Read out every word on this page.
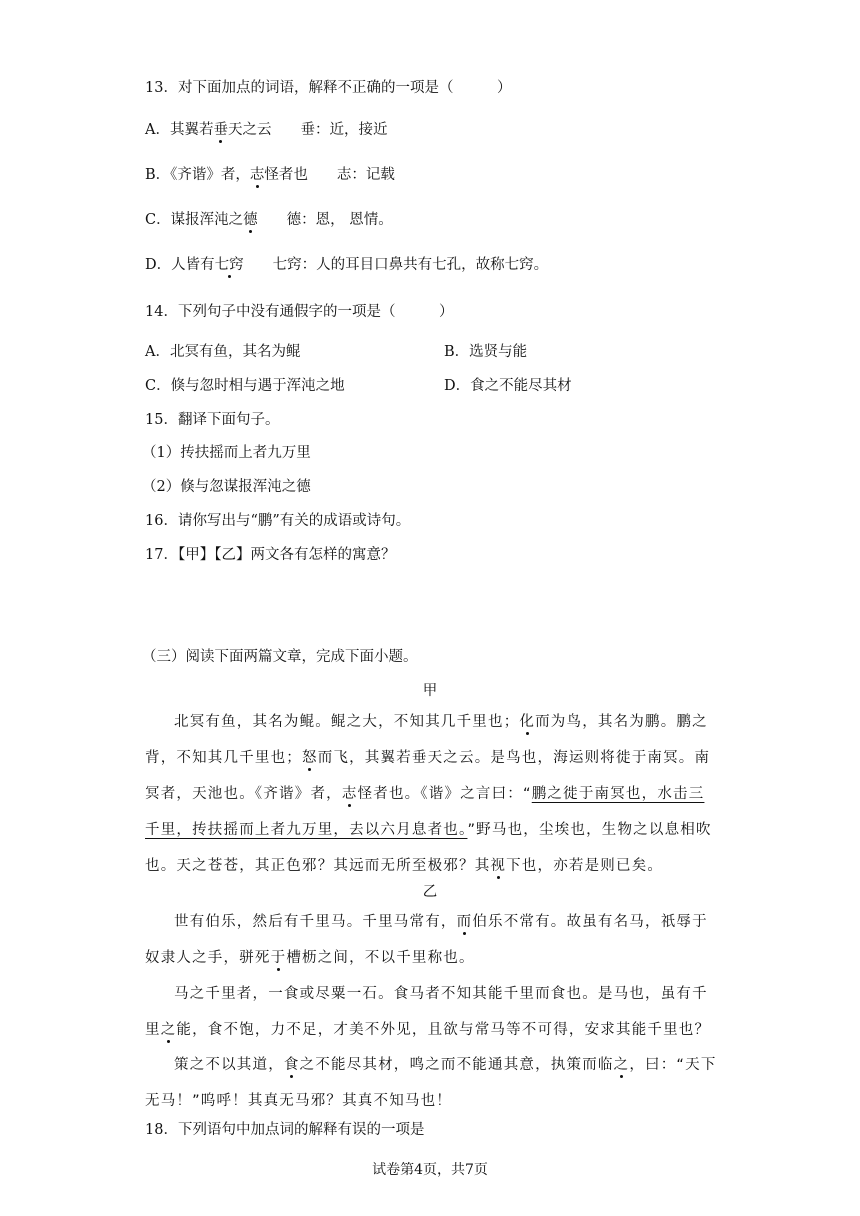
13．对下面加点的词语，解释不正确的一项是（　　　）
A．其翼若垂天之云　　垂：近，接近
B．《齐谐》者，志怪者也　　志：记载
C．谋报浑沌之德　　德：恩， 恩情。
D．人皆有七窍　　七窍：人的耳目口鼻共有七孔，故称七窍。
14．下列句子中没有通假字的一项是（　　　）
A．北冥有鱼，其名为鲲	B．选贤与能
C．倏与忽时相与遇于浑沌之地	D．食之不能尽其材
15．翻译下面句子。
（1）抟扶摇而上者九万里
（2）倏与忽谋报浑沌之德
16．请你写出与“鹏”有关的成语或诗句。
17．【甲】【乙】两文各有怎样的寓意？
（三）阅读下面两篇文章，完成下面小题。
甲
北冥有鱼，其名为鲲。鲲之大，不知其几千里也；化而为鸟，其名为鹏。鹏之背，不知其几千里也；怒而飞，其翼若垂天之云。是鸟也，海运则将徙于南冥。南冥者，天池也。《齐谐》者，志怪者也。《谐》之言曰：“鹏之徙于南冥也，水击三千里，抟扶摇而上者九万里，去以六月息者也。”野马也，尘埃也，生物之以息相吹也。天之苍苍，其正色邪？其远而无所至极邪？其视下也，亦若是则已矣。
乙
世有伯乐，然后有千里马。千里马常有，而伯乐不常有。故虽有名马，祇辱于奴隶人之手，骈死于槽枥之间，不以千里称也。
马之千里者，一食或尽粟一石。食马者不知其能千里而食也。是马也，虽有千里之能，食不饱，力不足，才美不外见，且欲与常马等不可得，安求其能千里也？
策之不以其道，食之不能尽其材，鸣之而不能通其意，执策而临之，曰：“天下无马！”呜呼！其真无马邪？其真不知马也！
18．下列语句中加点词的解释有误的一项是
试卷第4页，共7页
